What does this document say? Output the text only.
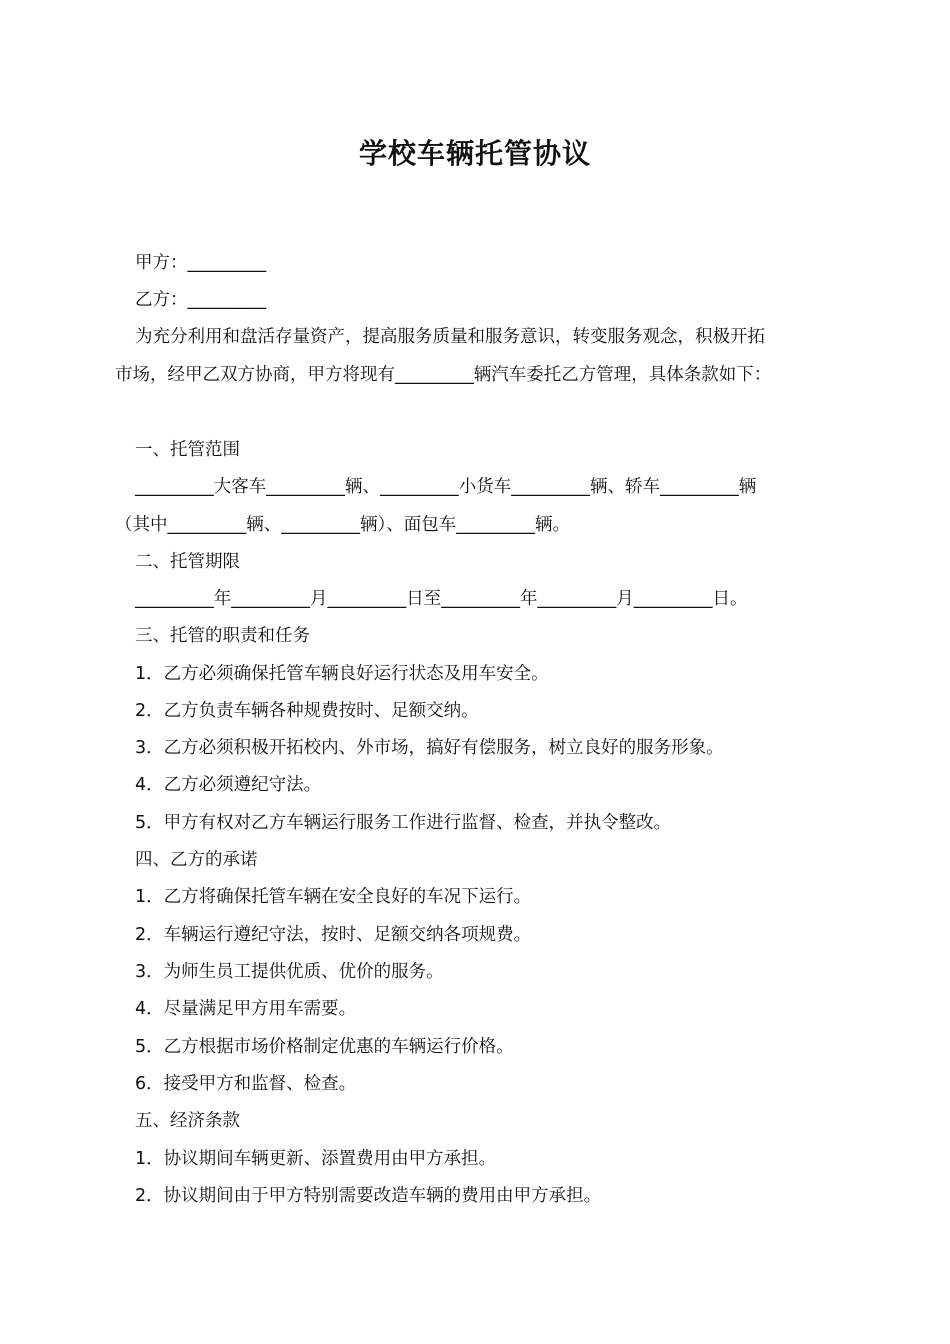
学校车辆托管协议

甲方：_________

乙方：_________

为充分利用和盘活存量资产，提高服务质量和服务意识，转变服务观念，积极开拓

市场，经甲乙双方协商，甲方将现有_________辆汽车委托乙方管理，具体条款如下：

一、托管范围

_________大客车_________辆、_________小货车_________辆、轿车_________辆

（其中_________辆、_________辆）、面包车_________辆。

二、托管期限

_________年_________月_________日至_________年_________月_________日。

三、托管的职责和任务

1．乙方必须确保托管车辆良好运行状态及用车安全。

2．乙方负责车辆各种规费按时、足额交纳。

3．乙方必须积极开拓校内、外市场，搞好有偿服务，树立良好的服务形象。

4．乙方必须遵纪守法。

5．甲方有权对乙方车辆运行服务工作进行监督、检查，并执令整改。

四、乙方的承诺

1．乙方将确保托管车辆在安全良好的车况下运行。

2．车辆运行遵纪守法，按时、足额交纳各项规费。

3．为师生员工提供优质、优价的服务。

4．尽量满足甲方用车需要。

5．乙方根据市场价格制定优惠的车辆运行价格。

6．接受甲方和监督、检查。

五、经济条款

1．协议期间车辆更新、添置费用由甲方承担。

2．协议期间由于甲方特别需要改造车辆的费用由甲方承担。
